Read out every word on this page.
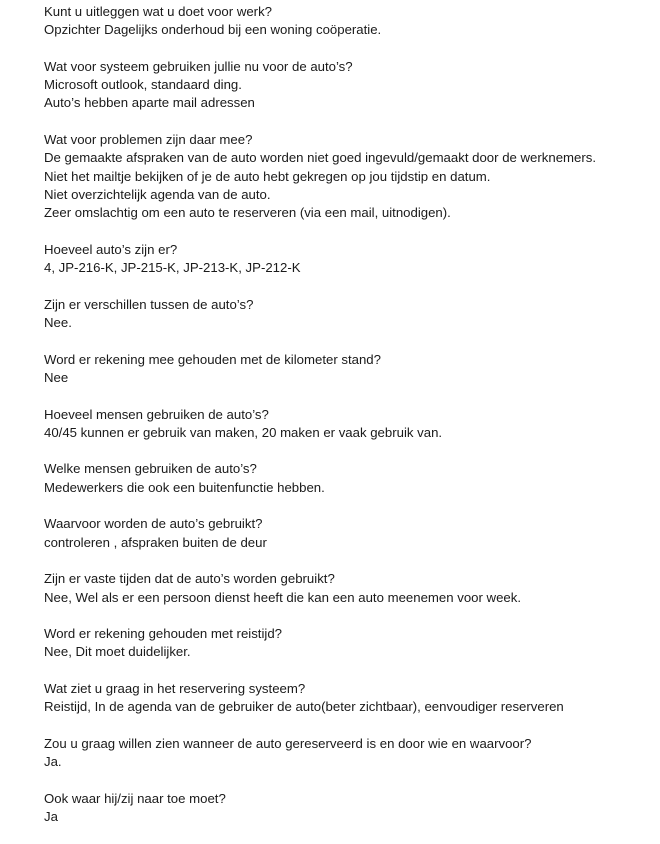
Kunt u uitleggen wat u doet voor werk?
Opzichter Dagelijks onderhoud bij een woning coöperatie.
Wat voor systeem gebruiken jullie nu voor de auto’s?
Microsoft outlook, standaard ding.
Auto’s hebben aparte mail adressen
Wat voor problemen zijn daar mee?
De gemaakte afspraken van de auto worden niet goed ingevuld/gemaakt door de werknemers.
Niet het mailtje bekijken of je de auto hebt gekregen op jou tijdstip en datum.
Niet overzichtelijk agenda van de auto.
Zeer omslachtig om een auto te reserveren (via een mail, uitnodigen).
Hoeveel auto’s zijn er?
4, JP-216-K, JP-215-K, JP-213-K, JP-212-K
Zijn er verschillen tussen de auto’s?
Nee.
Word er rekening mee gehouden met de kilometer stand?
Nee
Hoeveel mensen gebruiken de auto’s?
40/45 kunnen er gebruik van maken, 20 maken er vaak gebruik van.
Welke mensen gebruiken de auto’s?
Medewerkers die ook een buitenfunctie hebben.
Waarvoor worden de auto’s gebruikt?
controleren , afspraken buiten de deur
Zijn er vaste tijden dat de auto’s worden gebruikt?
Nee, Wel als er een persoon dienst heeft die kan een auto meenemen voor week.
Word er rekening gehouden met reistijd?
Nee, Dit moet duidelijker.
Wat ziet u graag in het reservering systeem?
Reistijd, In de agenda van de gebruiker de auto(beter zichtbaar), eenvoudiger reserveren
Zou u graag willen zien wanneer de auto gereserveerd is en door wie en waarvoor?
Ja.
Ook waar hij/zij naar toe moet?
Ja
